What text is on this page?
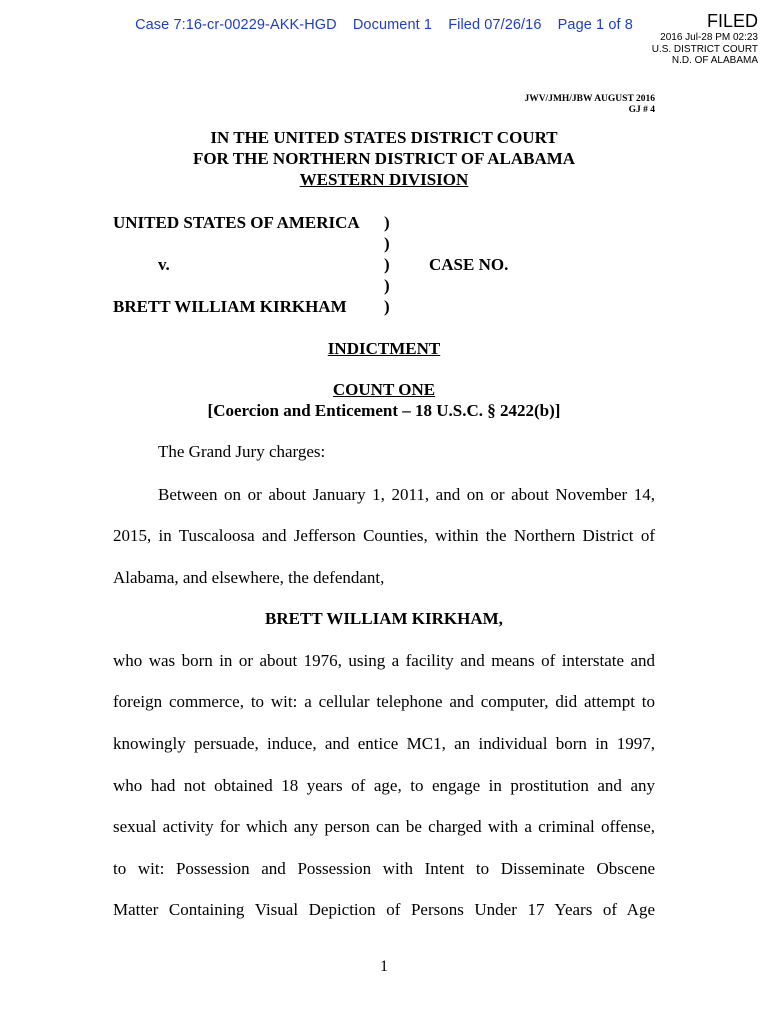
Case 7:16-cr-00229-AKK-HGD Document 1 Filed 07/26/16 Page 1 of 8	FILED
2016 Jul-28 PM 02:23
U.S. DISTRICT COURT
N.D. OF ALABAMA
JWV/JMH/JBW AUGUST 2016
GJ # 4
IN THE UNITED STATES DISTRICT COURT
FOR THE NORTHERN DISTRICT OF ALABAMA
WESTERN DIVISION
UNITED STATES OF AMERICA
v.
BRETT WILLIAM KIRKHAM
CASE NO.
)
)
)
)
)
INDICTMENT
COUNT ONE
[Coercion and Enticement – 18 U.S.C. § 2422(b)]
The Grand Jury charges:
Between on or about January 1, 2011, and on or about November 14,
2015, in Tuscaloosa and Jefferson Counties, within the Northern District of
Alabama, and elsewhere, the defendant,
BRETT WILLIAM KIRKHAM,
who was born in or about 1976, using a facility and means of interstate and
foreign commerce, to wit: a cellular telephone and computer, did attempt to
knowingly persuade, induce, and entice MC1, an individual born in 1997,
who had not obtained 18 years of age, to engage in prostitution and any
sexual activity for which any person can be charged with a criminal offense,
to wit: Possession and Possession with Intent to Disseminate Obscene
Matter Containing Visual Depiction of Persons Under 17 Years of Age
1
